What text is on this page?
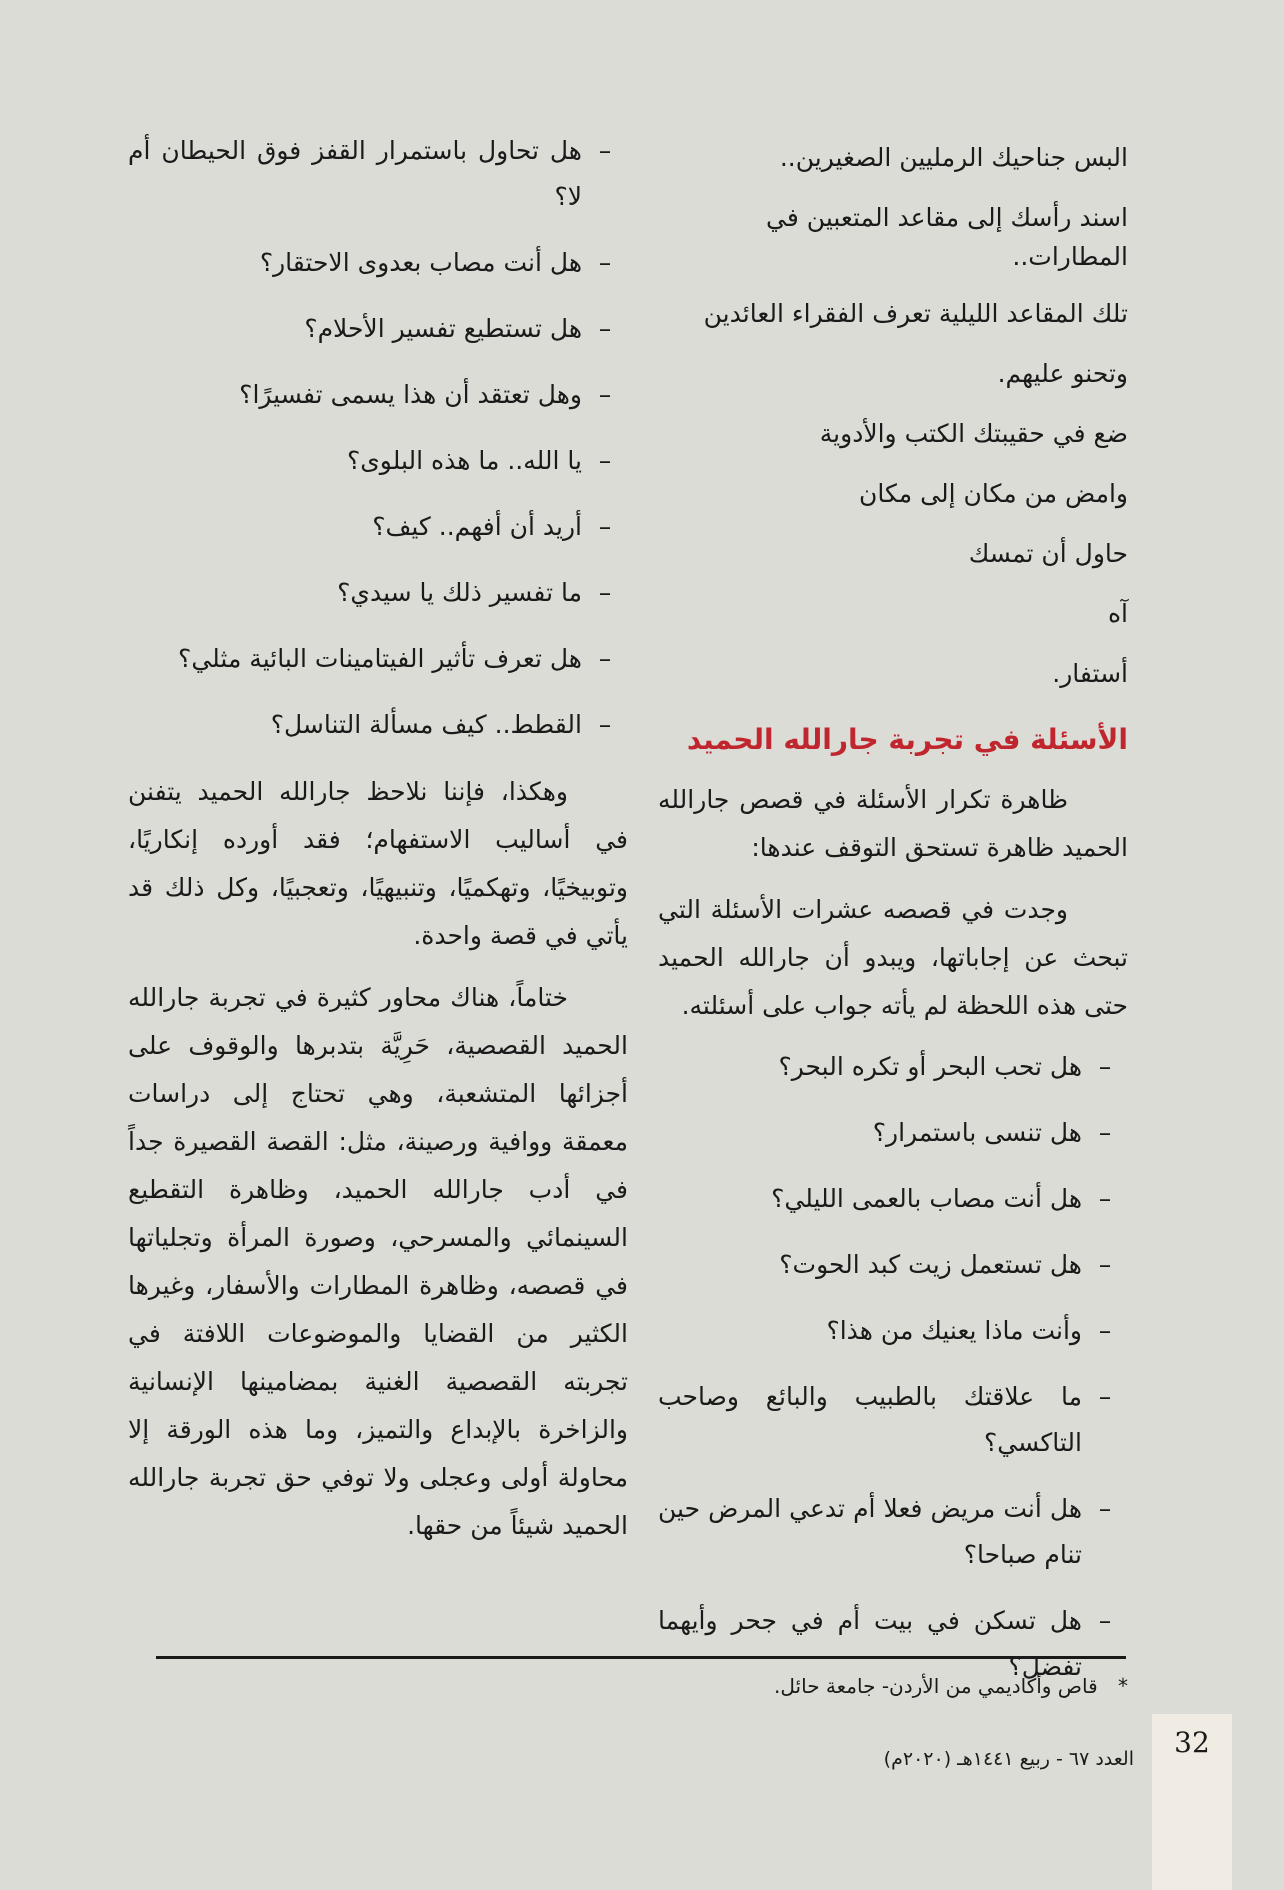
البس جناحيك الرمليين الصغيرين..
اسند رأسك إلى مقاعد المتعبين في
المطارات..
تلك المقاعد الليلية تعرف الفقراء العائدين
وتحنو عليهم.
ضع في حقيبتك الكتب والأدوية
وامض من مكان إلى مكان
حاول أن تمسك
آه
أستفار.
الأسئلة في تجربة جارالله الحميد
ظاهرة تكرار الأسئلة في قصص جارالله الحميد ظاهرة تستحق التوقف عندها:
وجدت في قصصه عشرات الأسئلة التي تبحث عن إجاباتها، ويبدو أن جارالله الحميد حتى هذه اللحظة لم يأته جواب على أسئلته.
–
هل تحب البحر أو تكره البحر؟
–
هل تنسى باستمرار؟
–
هل أنت مصاب بالعمى الليلي؟
–
هل تستعمل زيت كبد الحوت؟
–
وأنت ماذا يعنيك من هذا؟
–
ما علاقتك بالطبيب والبائع وصاحب التاكسي؟
–
هل أنت مريض فعلا أم تدعي المرض حين تنام صباحا؟
–
هل تسكن في بيت أم في جحر وأيهما تفضل؟
–
هل تحاول باستمرار القفز فوق الحيطان أم لا؟
–
هل أنت مصاب بعدوى الاحتقار؟
–
هل تستطيع تفسير الأحلام؟
–
وهل تعتقد أن هذا يسمى تفسيرًا؟
–
يا الله.. ما هذه البلوى؟
–
أريد أن أفهم.. كيف؟
–
ما تفسير ذلك يا سيدي؟
–
هل تعرف تأثير الفيتامينات البائية مثلي؟
–
القطط.. كيف مسألة التناسل؟
وهكذا، فإننا نلاحظ جارالله الحميد يتفنن في أساليب الاستفهام؛ فقد أورده إنكاريًا، وتوبيخيًا، وتهكميًا، وتنبيهيًا، وتعجبيًا، وكل ذلك قد يأتي في قصة واحدة.
ختاماً، هناك محاور كثيرة في تجربة جارالله الحميد القصصية، حَرِيَّة بتدبرها والوقوف على أجزائها المتشعبة، وهي تحتاج إلى دراسات معمقة ووافية ورصينة، مثل: القصة القصيرة جداً في أدب جارالله الحميد، وظاهرة التقطيع السينمائي والمسرحي، وصورة المرأة وتجلياتها في قصصه، وظاهرة المطارات والأسفار، وغيرها الكثير من القضايا والموضوعات اللافتة في تجربته القصصية الغنية بمضامينها الإنسانية والزاخرة بالإبداع والتميز، وما هذه الورقة إلا محاولة أولى وعجلى ولا توفي حق تجربة جارالله الحميد شيئاً من حقها.
* قاص وأكاديمي من الأردن- جامعة حائل.
32
العدد ٦٧ - ربيع ١٤٤١هـ (٢٠٢٠م)
